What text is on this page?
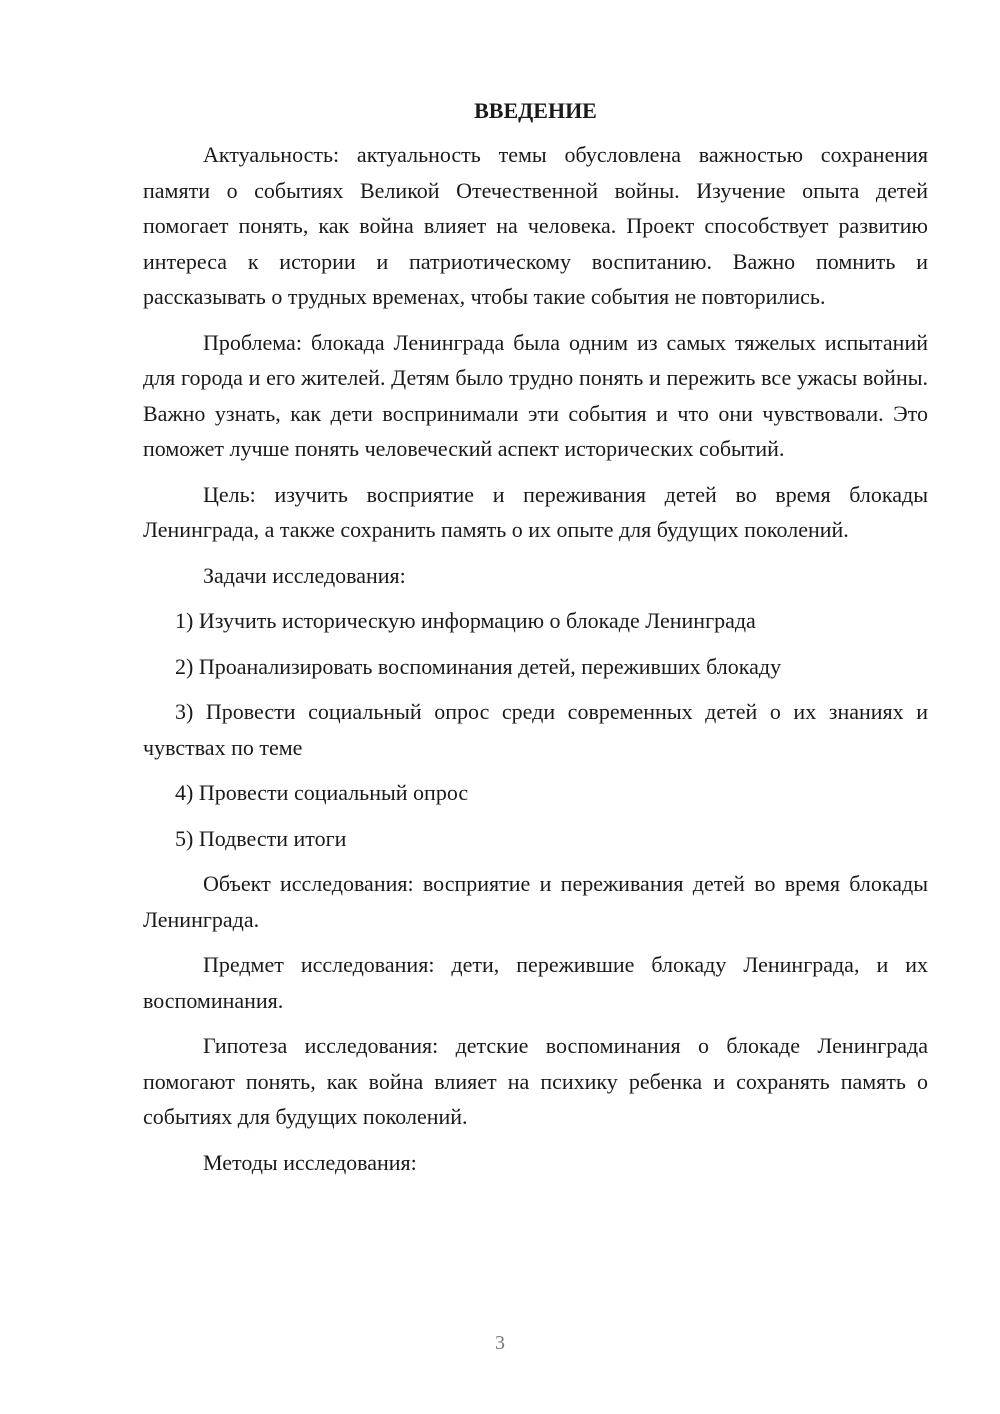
ВВЕДЕНИЕ

Актуальность: актуальность темы обусловлена важностью сохранения памяти о событиях Великой Отечественной войны. Изучение опыта детей помогает понять, как война влияет на человека. Проект способствует развитию интереса к истории и патриотическому воспитанию. Важно помнить и рассказывать о трудных временах, чтобы такие события не повторились.

Проблема: блокада Ленинграда была одним из самых тяжелых испытаний для города и его жителей. Детям было трудно понять и пережить все ужасы войны. Важно узнать, как дети воспринимали эти события и что они чувствовали. Это поможет лучше понять человеческий аспект исторических событий.

Цель: изучить восприятие и переживания детей во время блокады Ленинграда, а также сохранить память о их опыте для будущих поколений.

Задачи исследования:

1) Изучить историческую информацию о блокаде Ленинграда

2) Проанализировать воспоминания детей, переживших блокаду

3) Провести социальный опрос среди современных детей о их знаниях и чувствах по теме

4) Провести социальный опрос

5) Подвести итоги

Объект исследования: восприятие и переживания детей во время блокады Ленинграда.

Предмет исследования: дети, пережившие блокаду Ленинграда, и их воспоминания.

Гипотеза исследования: детские воспоминания о блокаде Ленинграда помогают понять, как война влияет на психику ребенка и сохранять память о событиях для будущих поколений.

Методы исследования:

3
